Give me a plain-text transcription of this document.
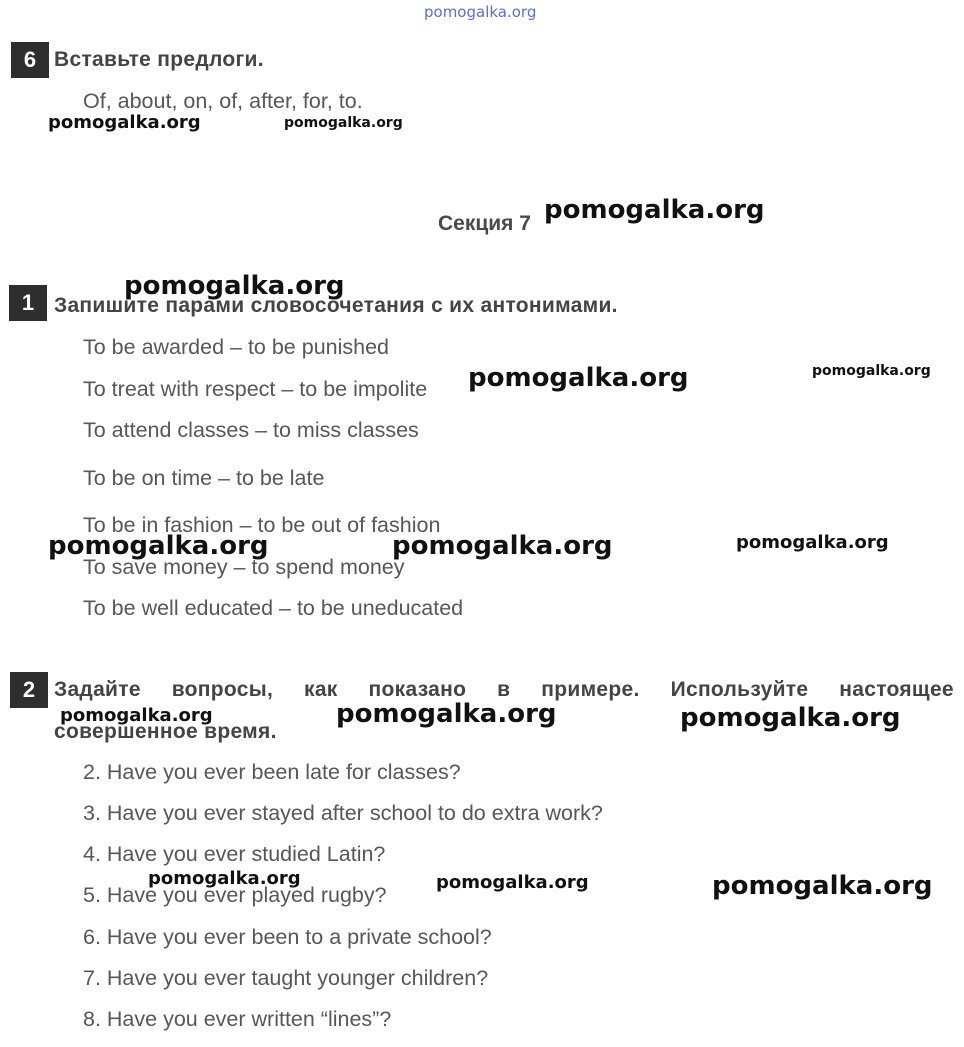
pomogalka.org
6 Вставьте предлоги.
Of, about, on, of, after, for, to.
Секция 7
1 Запишите парами словосочетания с их антонимами.
To be awarded – to be punished
To treat with respect – to be impolite
To attend classes – to miss classes
To be on time – to be late
To be in fashion – to be out of fashion
To save money – to spend money
To be well educated – to be uneducated
2 Задайте вопросы, как показано в примере. Используйте настоящее
совершенное время.
2. Have you ever been late for classes?
3. Have you ever stayed after school to do extra work?
4. Have you ever studied Latin?
5. Have you ever played rugby?
6. Have you ever been to a private school?
7. Have you ever taught younger children?
8. Have you ever written “lines”?
pomogalka.org	pomogalka.org
pomogalka.org
pomogalka.org
pomogalka.org	pomogalka.org
pomogalka.org	pomogalka.org	pomogalka.org
pomogalka.org	pomogalka.org	pomogalka.org
pomogalka.org	pomogalka.org	pomogalka.org
